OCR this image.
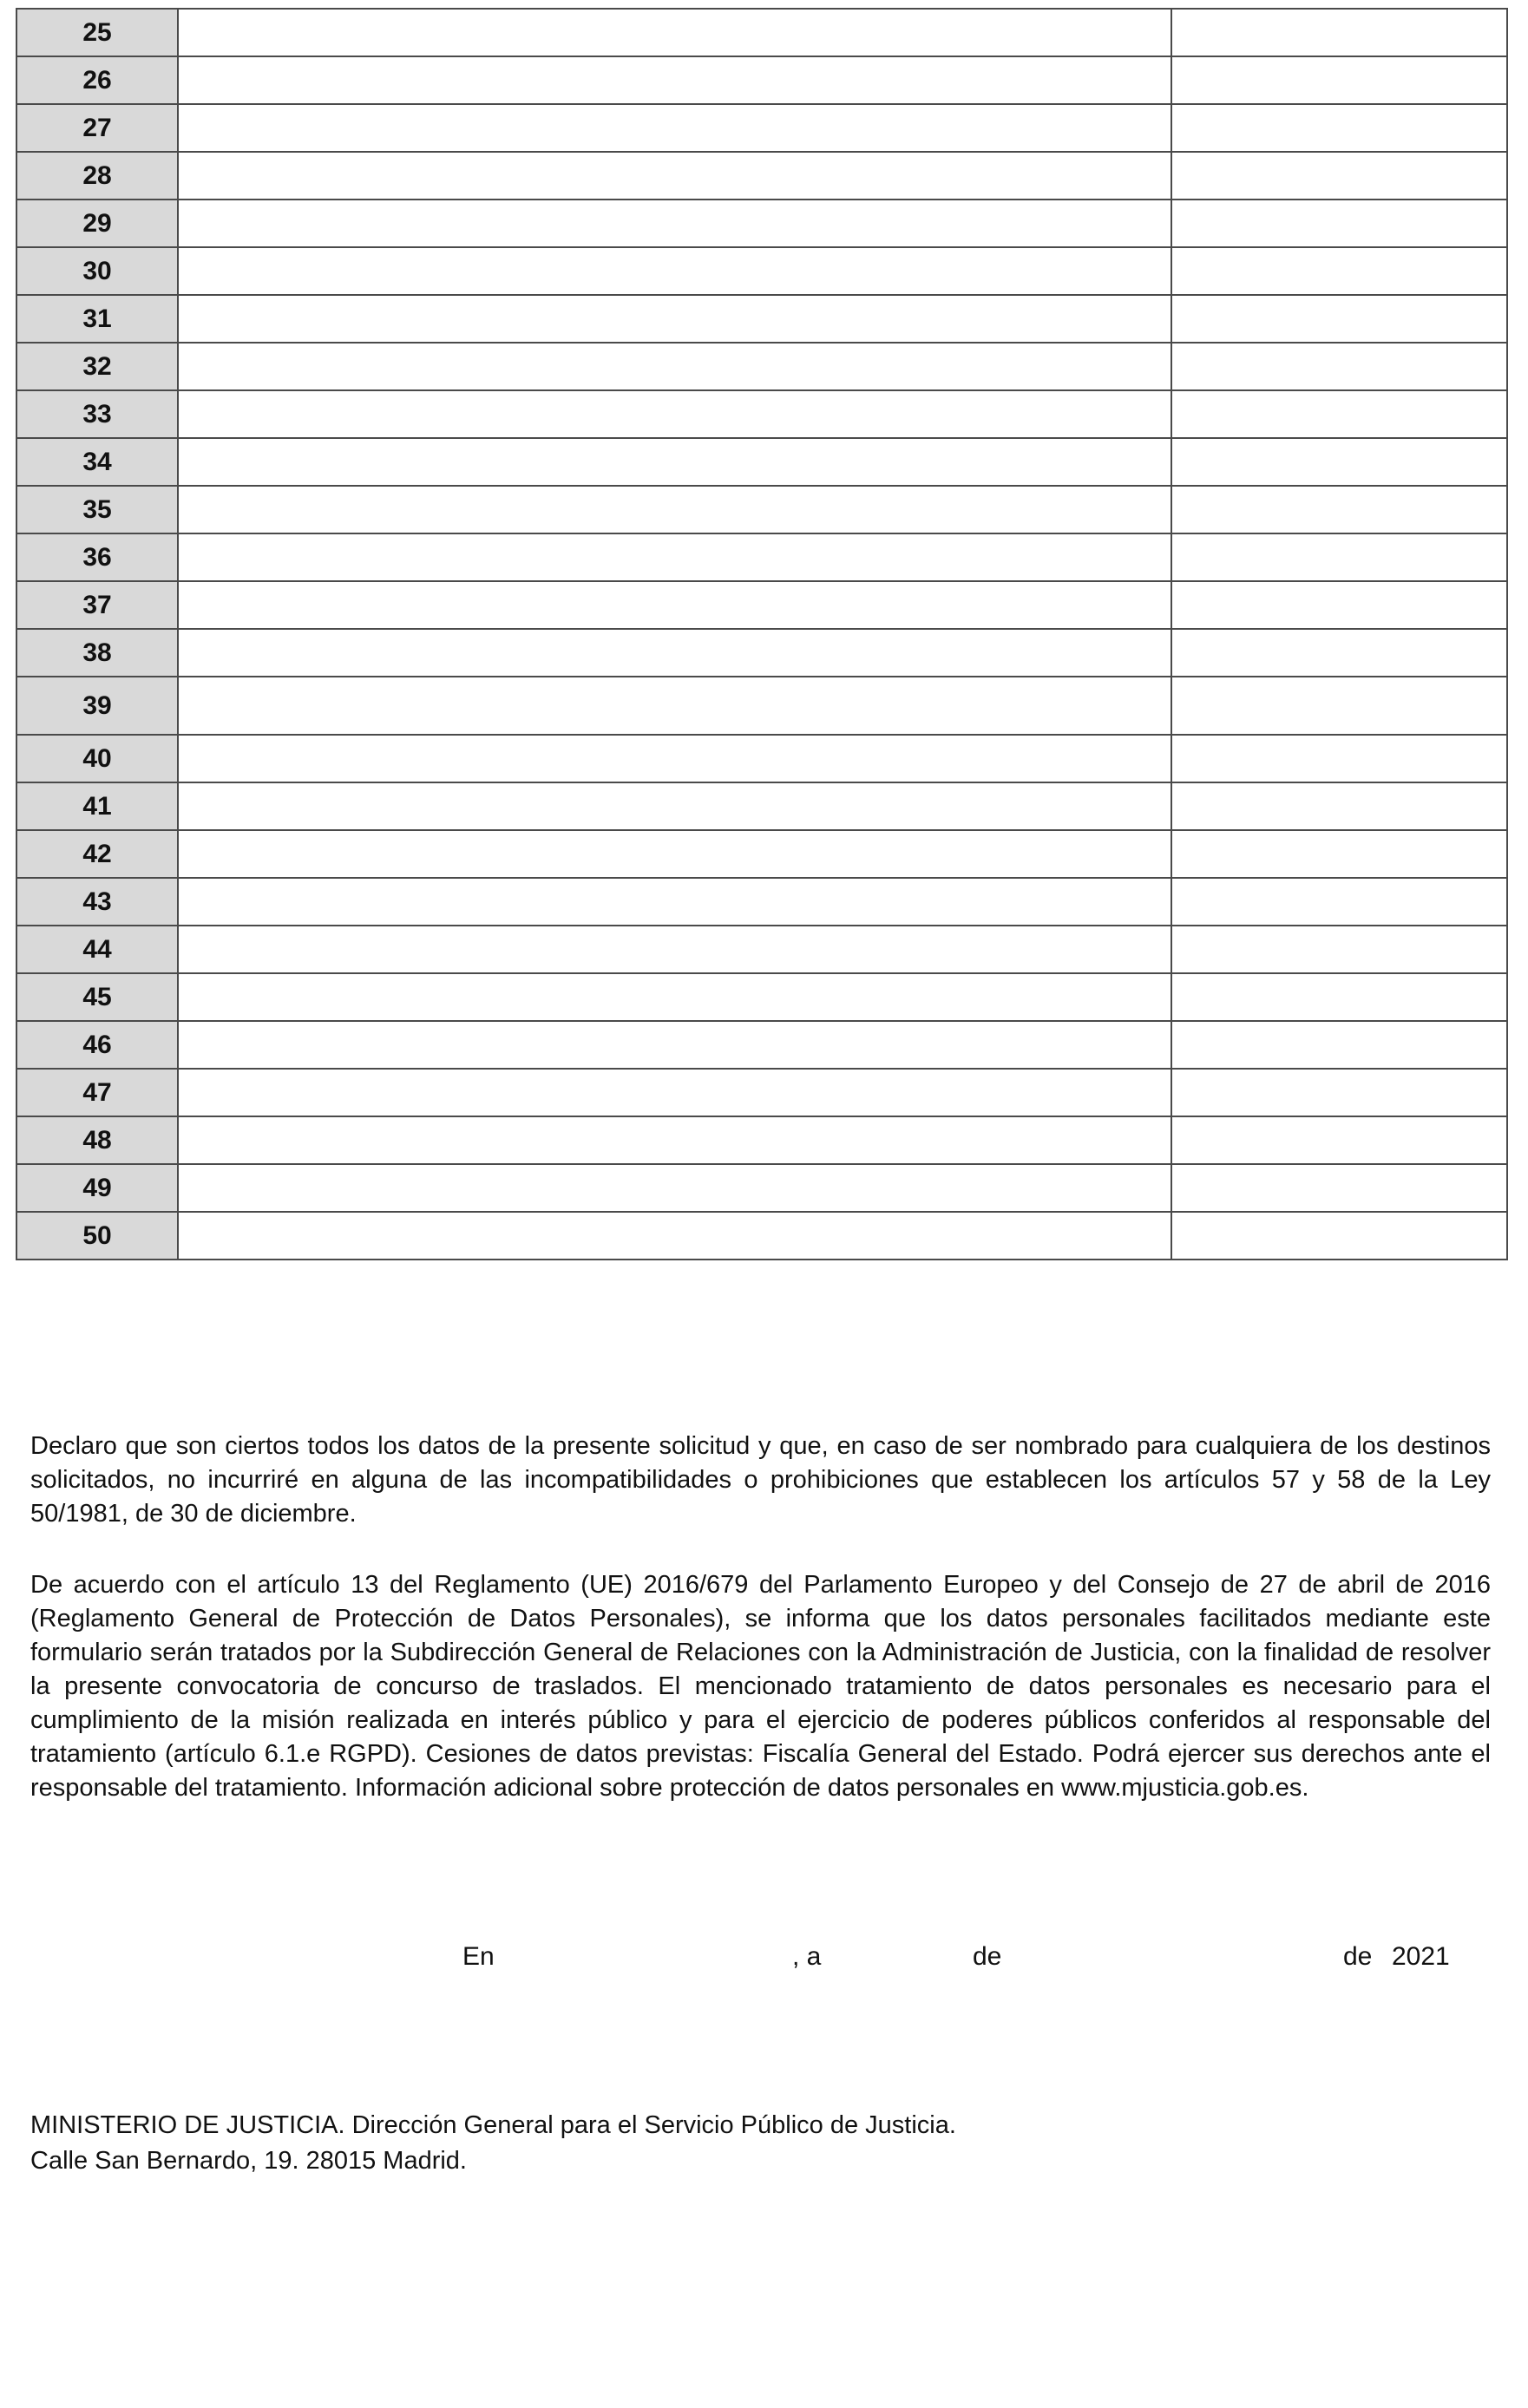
25		
26		
27		
28		
29		
30		
31		
32		
33		
34		
35		
36		
37		
38		
39		
40		
41		
42		
43		
44		
45		
46		
47		
48		
49		
50		

Declaro que son ciertos todos los datos de la presente solicitud y que, en caso de ser nombrado para cualquiera de los destinos solicitados, no incurriré en alguna de las incompatibilidades o prohibiciones que establecen los artículos 57 y 58 de la Ley 50/1981, de 30 de diciembre.

De acuerdo con el artículo 13 del Reglamento (UE) 2016/679 del Parlamento Europeo y del Consejo de 27 de abril de 2016 (Reglamento General de Protección de Datos Personales), se informa que los datos personales facilitados mediante este formulario serán tratados por la Subdirección General de Relaciones con la Administración de Justicia, con la finalidad de resolver la presente convocatoria de concurso de traslados. El mencionado tratamiento de datos personales es necesario para el cumplimiento de la misión realizada en interés público y para el ejercicio de poderes públicos conferidos al responsable del tratamiento (artículo 6.1.e RGPD). Cesiones de datos previstas: Fiscalía General del Estado. Podrá ejercer sus derechos ante el responsable del tratamiento. Información adicional sobre protección de datos personales en www.mjusticia.gob.es.

En	, a	de	de 2021
MINISTERIO DE JUSTICIA. Dirección General para el Servicio Público de Justicia.
Calle San Bernardo, 19. 28015 Madrid.
